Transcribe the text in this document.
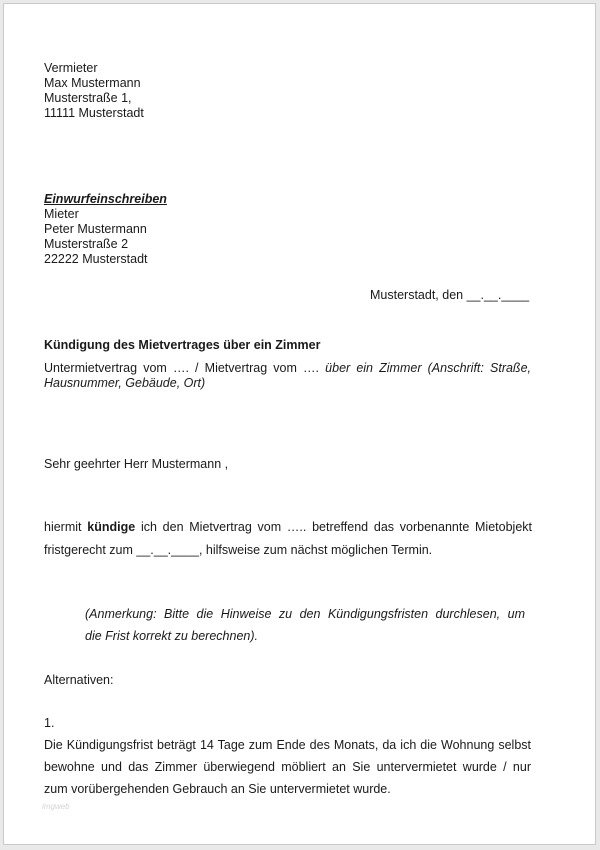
Vermieter

Max Mustermann

Musterstraße 1,

11111 Musterstadt

Einwurfeinschreiben

Mieter

Peter Mustermann

Musterstraße 2

22222 Musterstadt

Musterstadt, den __.__.____

Kündigung des Mietvertrages über ein Zimmer

Untermietvertrag vom …. / Mietvertrag vom …. über ein Zimmer (Anschrift: Straße,

Hausnummer, Gebäude, Ort)

Sehr geehrter Herr Mustermann ,

hiermit kündige ich den Mietvertrag vom ….. betreffend das vorbenannte Mietobjekt

fristgerecht zum __.__.____, hilfsweise zum nächst möglichen Termin.

(Anmerkung: Bitte die Hinweise zu den Kündigungsfristen durchlesen, um

die Frist korrekt zu berechnen).

Alternativen:

1.

Die Kündigungsfrist beträgt 14 Tage zum Ende des Monats, da ich die Wohnung selbst

bewohne und das Zimmer überwiegend möbliert an Sie untervermietet wurde / nur

zum vorübergehenden Gebrauch an Sie untervermietet wurde.

imgweb
